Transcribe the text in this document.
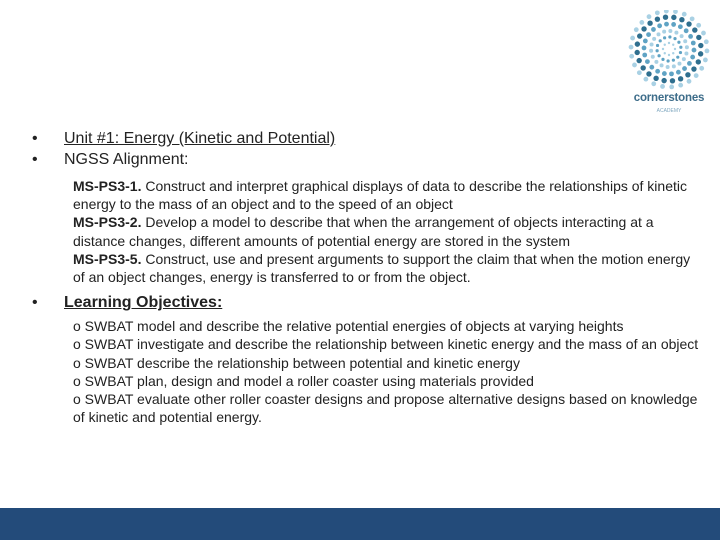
cornerstones
ACADEMY
•	Unit #1: Energy (Kinetic and Potential)
•	NGSS Alignment:
MS-PS3-1. Construct and interpret graphical displays of data to describe the relationships of kinetic energy to the mass of an object and to the speed of an object
MS-PS3-2. Develop a model to describe that when the arrangement of objects interacting at a distance changes, different amounts of potential energy are stored in the system
MS-PS3-5. Construct, use and present arguments to support the claim that when the motion energy of an object changes, energy is transferred to or from the object.
•	Learning Objectives:
o SWBAT model and describe the relative potential energies of objects at varying heights
o SWBAT investigate and describe the relationship between kinetic energy and the mass of an object
o SWBAT describe the relationship between potential and kinetic energy
o SWBAT plan, design and model a roller coaster using materials provided
o SWBAT evaluate other roller coaster designs and propose alternative designs based on knowledge of kinetic and potential energy.
